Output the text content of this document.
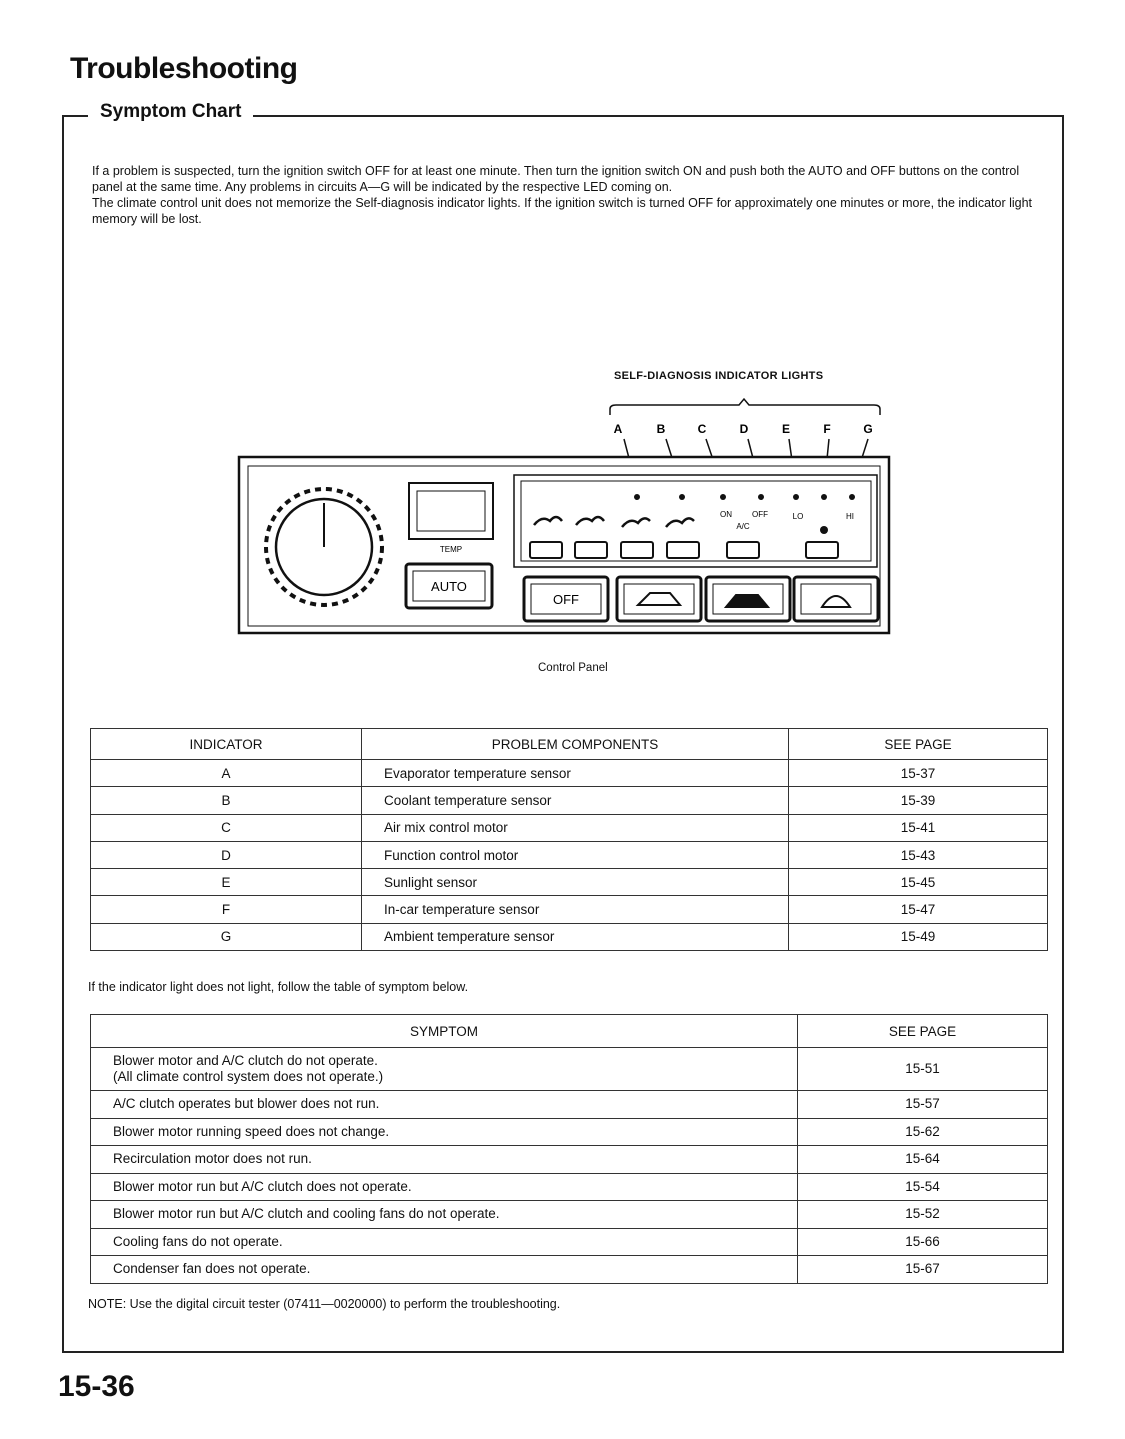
Troubleshooting
Symptom Chart

If a problem is suspected, turn the ignition switch OFF for at least one minute. Then turn the ignition switch ON and push both the AUTO and OFF buttons on the control panel at the same time. Any problems in circuits A—G will be indicated by the respective LED coming on.

The climate control unit does not memorize the Self-diagnosis indicator lights. If the ignition switch is turned OFF for approximately one minutes or more, the indicator light memory will be lost.

SELF-DIAGNOSIS INDICATOR LIGHTS
A	B	C	D	E	F	G
TEMP
AUTO
ON	OFF
A/C
LO	HI
OFF
Control Panel
INDICATOR	PROBLEM COMPONENTS	SEE PAGE
A	Evaporator temperature sensor	15-37
B	Coolant temperature sensor	15-39
C	Air mix control motor	15-41
D	Function control motor	15-43
E	Sunlight sensor	15-45
F	In-car temperature sensor	15-47
G	Ambient temperature sensor	15-49
If the indicator light does not light, follow the table of symptom below.
SYMPTOM	SEE PAGE

Blower motor and A/C clutch do not operate.
(All climate control system does not operate.)	15-51
A/C clutch operates but blower does not run.	15-57
Blower motor running speed does not change.	15-62
Recirculation motor does not run.	15-64
Blower motor run but A/C clutch does not operate.	15-54
Blower motor run but A/C clutch and cooling fans do not operate.	15-52
Cooling fans do not operate.	15-66
Condenser fan does not operate.	15-67
NOTE: Use the digital circuit tester (07411—0020000) to perform the troubleshooting.
15-36
